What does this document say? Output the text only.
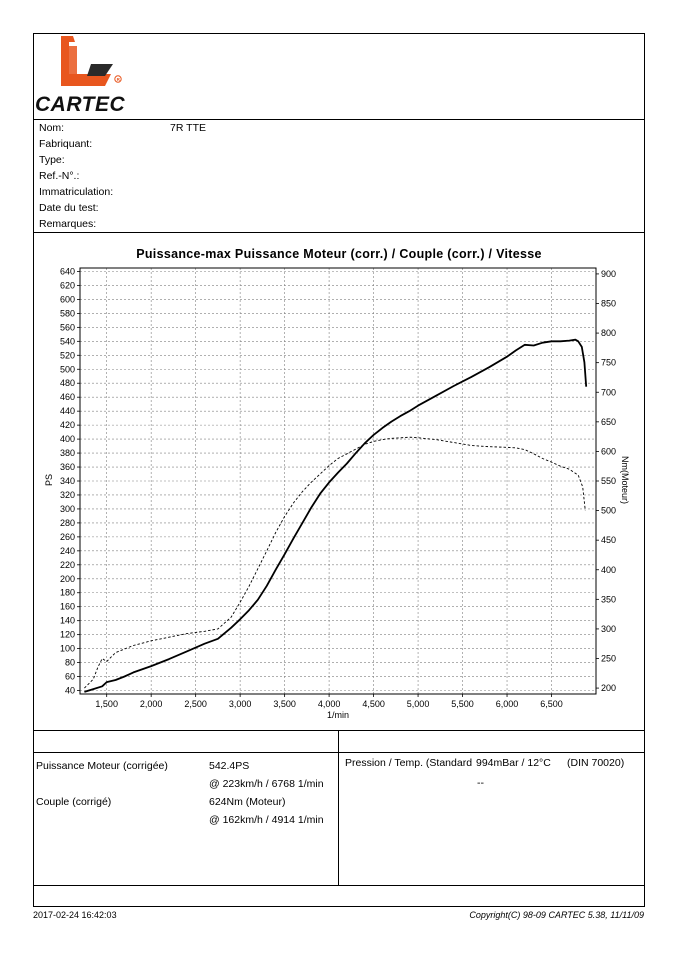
R
CARTEC
Nom:	7R TTE
Fabriquant:
Type:
Ref.-N°.:
Immatriculation:
Date du test:
Remarques:
Puissance-max Puissance Moteur (corr.) / Couple (corr.) / Vitesse
40
60
80
100
120
140
160
180
200
220
240
260
280
300
320
340
360
380
400
420
440
460
480
500
520
540
560
580
600
620
640
1,500 2,000 2,500 3,000 3,500 4,000 4,500 5,000 5,500 6,000 6,500
200
250
300
350
400
450
500
550
600
650
700
750
800
850
900
1/min
PS	Nm(Moteur)
Puissance Moteur (corrigée)	542.4PS
@ 223km/h / 6768 1/min
Couple (corrigé)	624Nm (Moteur)
@ 162km/h / 4914 1/min
Pression / Temp. (Standard 994mBar / 12°C (DIN 70020)
--
2017-02-24 16:42:03	Copyright(C) 98-09 CARTEC 5.38, 11/11/09
